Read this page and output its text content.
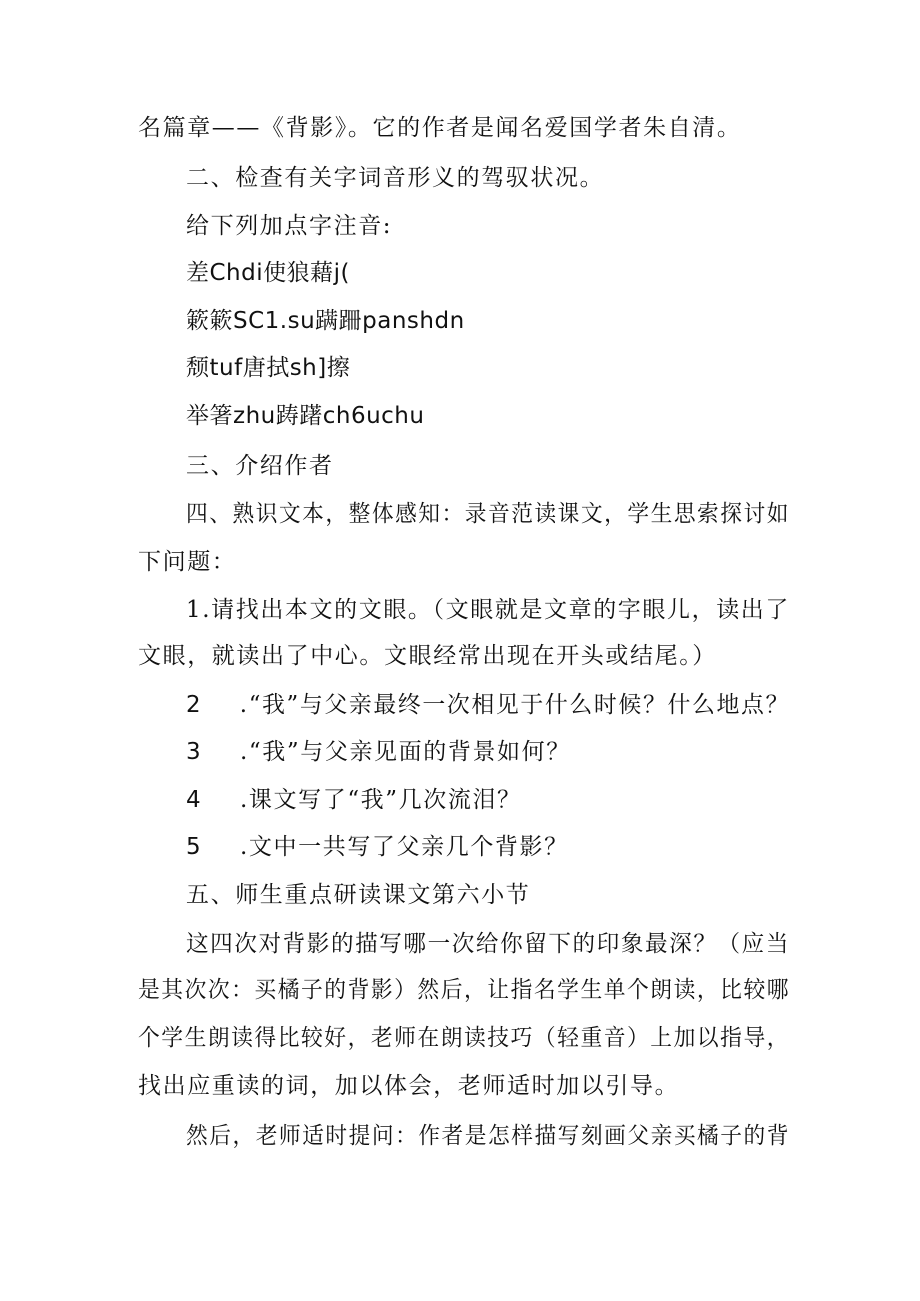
名篇章——《背影》。它的作者是闻名爱国学者朱自清。
二、检查有关字词音形义的驾驭状况。
给下列加点字注音:
差Chdi使狼藉j(
簌簌SC1.su蹒跚panshdn
颓tuf唐拭sh]擦
举箸zhu踌躇ch6uchu
三、介绍作者
四、熟识文本，整体感知：录音范读课文，学生思索探讨如
下问题：
1.请找出本文的文眼。（文眼就是文章的字眼儿，读出了
文眼，就读出了中心。文眼经常出现在开头或结尾。）
2 .“我”与父亲最终一次相见于什么时候？什么地点？
3 .“我”与父亲见面的背景如何？
4 .课文写了“我”几次流泪？
5 .文中一共写了父亲几个背影？
五、师生重点研读课文第六小节
这四次对背影的描写哪一次给你留下的印象最深？（应当
是其次次：买橘子的背影）然后，让指名学生单个朗读，比较哪
个学生朗读得比较好，老师在朗读技巧（轻重音）上加以指导，
找出应重读的词，加以体会，老师适时加以引导。
然后，老师适时提问：作者是怎样描写刻画父亲买橘子的背
